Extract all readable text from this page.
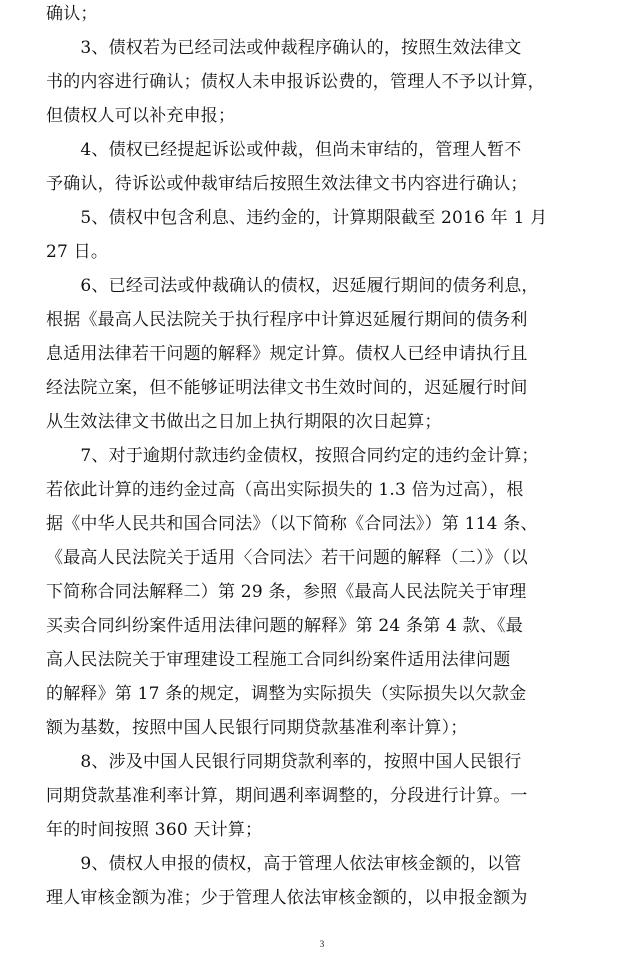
确认；
　　3、债权若为已经司法或仲裁程序确认的，按照生效法律文
书的内容进行确认；债权人未申报诉讼费的，管理人不予以计算，
但债权人可以补充申报；
　　4、债权已经提起诉讼或仲裁，但尚未审结的，管理人暂不
予确认，待诉讼或仲裁审结后按照生效法律文书内容进行确认；
　　5、债权中包含利息、违约金的，计算期限截至 2016 年 1 月
27 日。
　　6、已经司法或仲裁确认的债权，迟延履行期间的债务利息，
根据《最高人民法院关于执行程序中计算迟延履行期间的债务利
息适用法律若干问题的解释》规定计算。债权人已经申请执行且
经法院立案，但不能够证明法律文书生效时间的，迟延履行时间
从生效法律文书做出之日加上执行期限的次日起算；
　　7、对于逾期付款违约金债权，按照合同约定的违约金计算；
若依此计算的违约金过高（高出实际损失的 1.3 倍为过高），根
据《中华人民共和国合同法》（以下简称《合同法》）第 114 条、
《最高人民法院关于适用〈合同法〉若干问题的解释（二）》（以
下简称合同法解释二）第 29 条，参照《最高人民法院关于审理
买卖合同纠纷案件适用法律问题的解释》第 24 条第 4 款、《最
高人民法院关于审理建设工程施工合同纠纷案件适用法律问题
的解释》第 17 条的规定，调整为实际损失（实际损失以欠款金
额为基数，按照中国人民银行同期贷款基准利率计算）；
　　8、涉及中国人民银行同期贷款利率的，按照中国人民银行
同期贷款基准利率计算，期间遇利率调整的，分段进行计算。一
年的时间按照 360 天计算；
　　9、债权人申报的债权，高于管理人依法审核金额的，以管
理人审核金额为准；少于管理人依法审核金额的，以申报金额为
3
